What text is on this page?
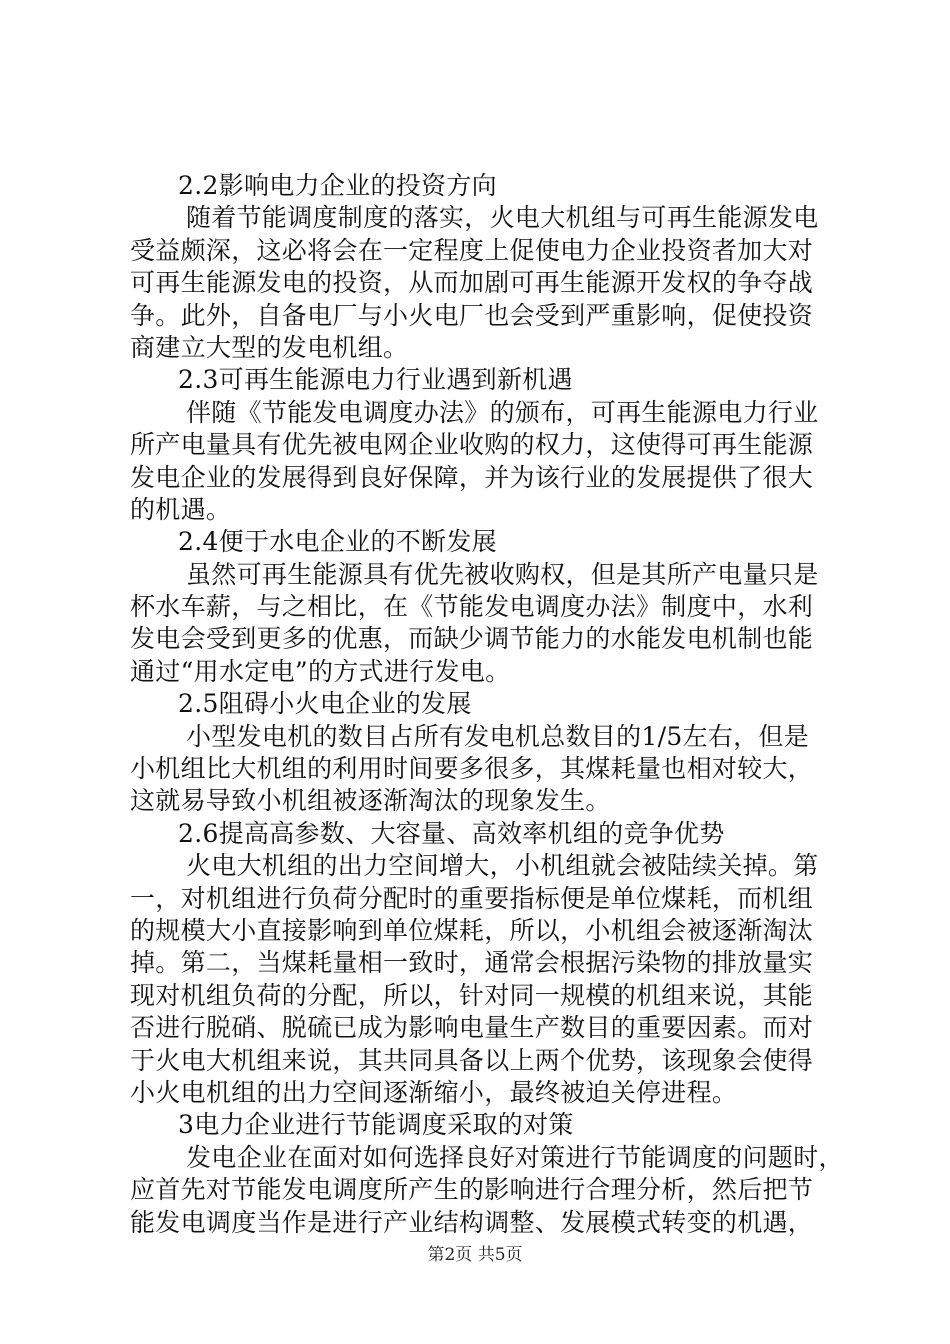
2.2影响电力企业的投资方向
随着节能调度制度的落实，火电大机组与可再生能源发电
受益颇深，这必将会在一定程度上促使电力企业投资者加大对
可再生能源发电的投资，从而加剧可再生能源开发权的争夺战
争。此外，自备电厂与小火电厂也会受到严重影响，促使投资
商建立大型的发电机组。
2.3可再生能源电力行业遇到新机遇
伴随《节能发电调度办法》的颁布，可再生能源电力行业
所产电量具有优先被电网企业收购的权力，这使得可再生能源
发电企业的发展得到良好保障，并为该行业的发展提供了很大
的机遇。
2.4便于水电企业的不断发展
虽然可再生能源具有优先被收购权，但是其所产电量只是
杯水车薪，与之相比，在《节能发电调度办法》制度中，水利
发电会受到更多的优惠，而缺少调节能力的水能发电机制也能
通过“用水定电”的方式进行发电。
2.5阻碍小火电企业的发展
小型发电机的数目占所有发电机总数目的1/5左右，但是
小机组比大机组的利用时间要多很多，其煤耗量也相对较大，
这就易导致小机组被逐渐淘汰的现象发生。
2.6提高高参数、大容量、高效率机组的竞争优势
火电大机组的出力空间增大，小机组就会被陆续关掉。第
一，对机组进行负荷分配时的重要指标便是单位煤耗，而机组
的规模大小直接影响到单位煤耗，所以，小机组会被逐渐淘汰
掉。第二，当煤耗量相一致时，通常会根据污染物的排放量实
现对机组负荷的分配，所以，针对同一规模的机组来说，其能
否进行脱硝、脱硫已成为影响电量生产数目的重要因素。而对
于火电大机组来说，其共同具备以上两个优势，该现象会使得
小火电机组的出力空间逐渐缩小，最终被迫关停进程。
3电力企业进行节能调度采取的对策
发电企业在面对如何选择良好对策进行节能调度的问题时，
应首先对节能发电调度所产生的影响进行合理分析，然后把节
能发电调度当作是进行产业结构调整、发展模式转变的机遇，
第2页 共5页
